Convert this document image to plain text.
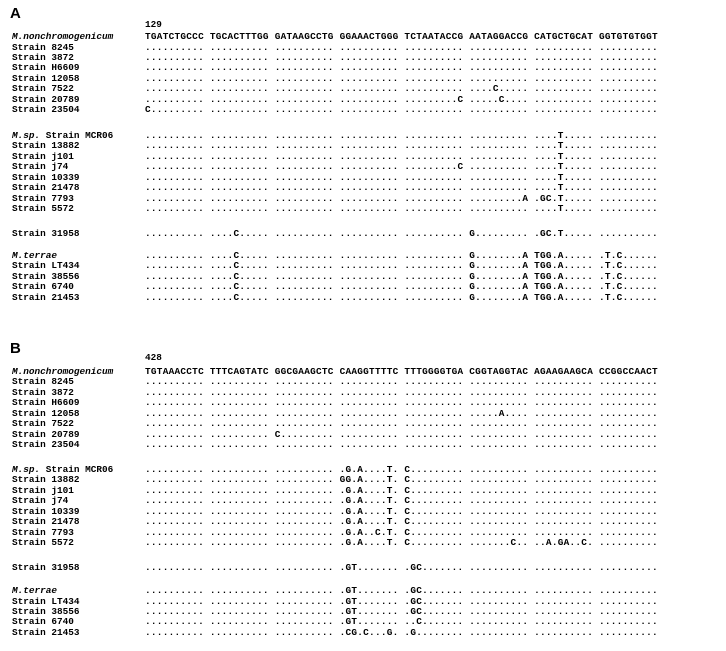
A
129
M.nonchromogenicum	TGATCTGCCC TGCACTTTGG GATAAGCCTG GGAAACTGGG TCTAATACCG AATAGGACCG CATGCTGCAT GGTGTGTGGT
Strain 8245	.......... .......... .......... .......... .......... .......... .......... ..........
Strain 3872	.......... .......... .......... .......... .......... .......... .......... ..........
Strain H6609	.......... .......... .......... .......... .......... .......... .......... ..........
Strain 12058	.......... .......... .......... .......... .......... .......... .......... ..........
Strain 7522	.......... .......... .......... .......... .......... ....C..... .......... ..........
Strain 20789	.......... .......... .......... .......... .........C .....C.... .......... ..........
Strain 23504	C......... .......... .......... .......... .......... .......... .......... ..........
M.sp. Strain MCR06	.......... .......... .......... .......... .......... .......... ....T..... ..........
Strain 13882	.......... .......... .......... .......... .......... .......... ....T..... ..........
Strain j101	.......... .......... .......... .......... .......... .......... ....T..... ..........
Strain j74	.......... .......... .......... .......... .........C .......... ....T..... ..........
Strain 10339	.......... .......... .......... .......... .......... .......... ....T..... ..........
Strain 21478	.......... .......... .......... .......... .......... .......... ....T..... ..........
Strain 7793	.......... .......... .......... .......... .......... .........A .GC.T..... ..........
Strain 5572	.......... .......... .......... .......... .......... .......... ....T..... ..........
Strain 31958	.......... ....C..... .......... .......... .......... G......... .GC.T..... ..........
M.terrae	.......... ....C..... .......... .......... .......... G........A TGG.A..... .T.C......
Strain LT434	.......... ....C..... .......... .......... .......... G........A TGG.A..... .T.C......
Strain 38556	.......... ....C..... .......... .......... .......... G........A TGG.A..... .T.C......
Strain 6740	.......... ....C..... .......... .......... .......... G........A TGG.A..... .T.C......
Strain 21453	.......... ....C..... .......... .......... .......... G........A TGG.A..... .T.C......
B
428
M.nonchromogenicum	TGTAAACCTC TTTCAGTATC GGCGAAGCTC CAAGGTTTTC TTTGGGGTGA CGGTAGGTAC AGAAGAAGCA CCGGCCAACT
Strain 8245	.......... .......... .......... .......... .......... .......... .......... ..........
Strain 3872	.......... .......... .......... .......... .......... .......... .......... ..........
Strain H6609	.......... .......... .......... .......... .......... .......... .......... ..........
Strain 12058	.......... .......... .......... .......... .......... .....A.... .......... ..........
Strain 7522	.......... .......... .......... .......... .......... .......... .......... ..........
Strain 20789	.......... .......... C......... .......... .......... .......... .......... ..........
Strain 23504	.......... .......... .......... .......... .......... .......... .......... ..........
M.sp. Strain MCR06	.......... .......... .......... .G.A....T. C......... .......... .......... ..........
Strain 13882	.......... .......... .......... GG.A....T. C......... .......... .......... ..........
Strain j101	.......... .......... .......... .G.A....T. C......... .......... .......... ..........
Strain j74	.......... .......... .......... .G.A....T. C......... .......... .......... ..........
Strain 10339	.......... .......... .......... .G.A....T. C......... .......... .......... ..........
Strain 21478	.......... .......... .......... .G.A....T. C......... .......... .......... ..........
Strain 7793	.......... .......... .......... .G.A..C.T. C......... .......... .......... ..........
Strain 5572	.......... .......... .......... .G.A....T. C......... .......C.. ..A.GA..C. ..........
Strain 31958	.......... .......... .......... .GT....... .GC....... .......... .......... ..........
M.terrae	.......... .......... .......... .GT....... .GC....... .......... .......... ..........
Strain LT434	.......... .......... .......... .GT....... .GC....... .......... .......... ..........
Strain 38556	.......... .......... .......... .GT....... .GC....... .......... .......... ..........
Strain 6740	.......... .......... .......... .GT....... ..C....... .......... .......... ..........
Strain 21453	.......... .......... .......... .CG.C...G. .G........ .......... .......... ..........
